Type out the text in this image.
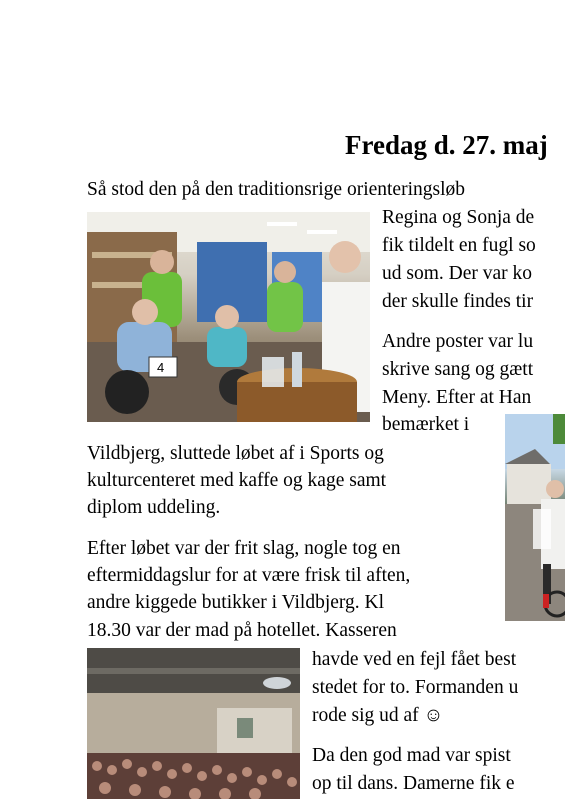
Fredag d. 27. maj
Så stod den på den traditionsrige orienteringsløb
4
Regina og Sonja de
fik tildelt en fugl so
ud som. Der var ko
der skulle findes tir
Andre poster var lu
skrive sang og gætt
Meny. Efter at Han
bemærket i
Vildbjerg, sluttede løbet af i Sports og
kulturcenteret med kaffe og kage samt
diplom uddeling.
Efter løbet var der frit slag, nogle tog en
eftermiddagslur for at være frisk til aften,
andre kiggede butikker i Vildbjerg. Kl
18.30 var der mad på hotellet. Kasseren
havde ved en fejl fået best
stedet for to. Formanden u
rode sig ud af ☺
Da den god mad var spist
op til dans. Damerne fik e
